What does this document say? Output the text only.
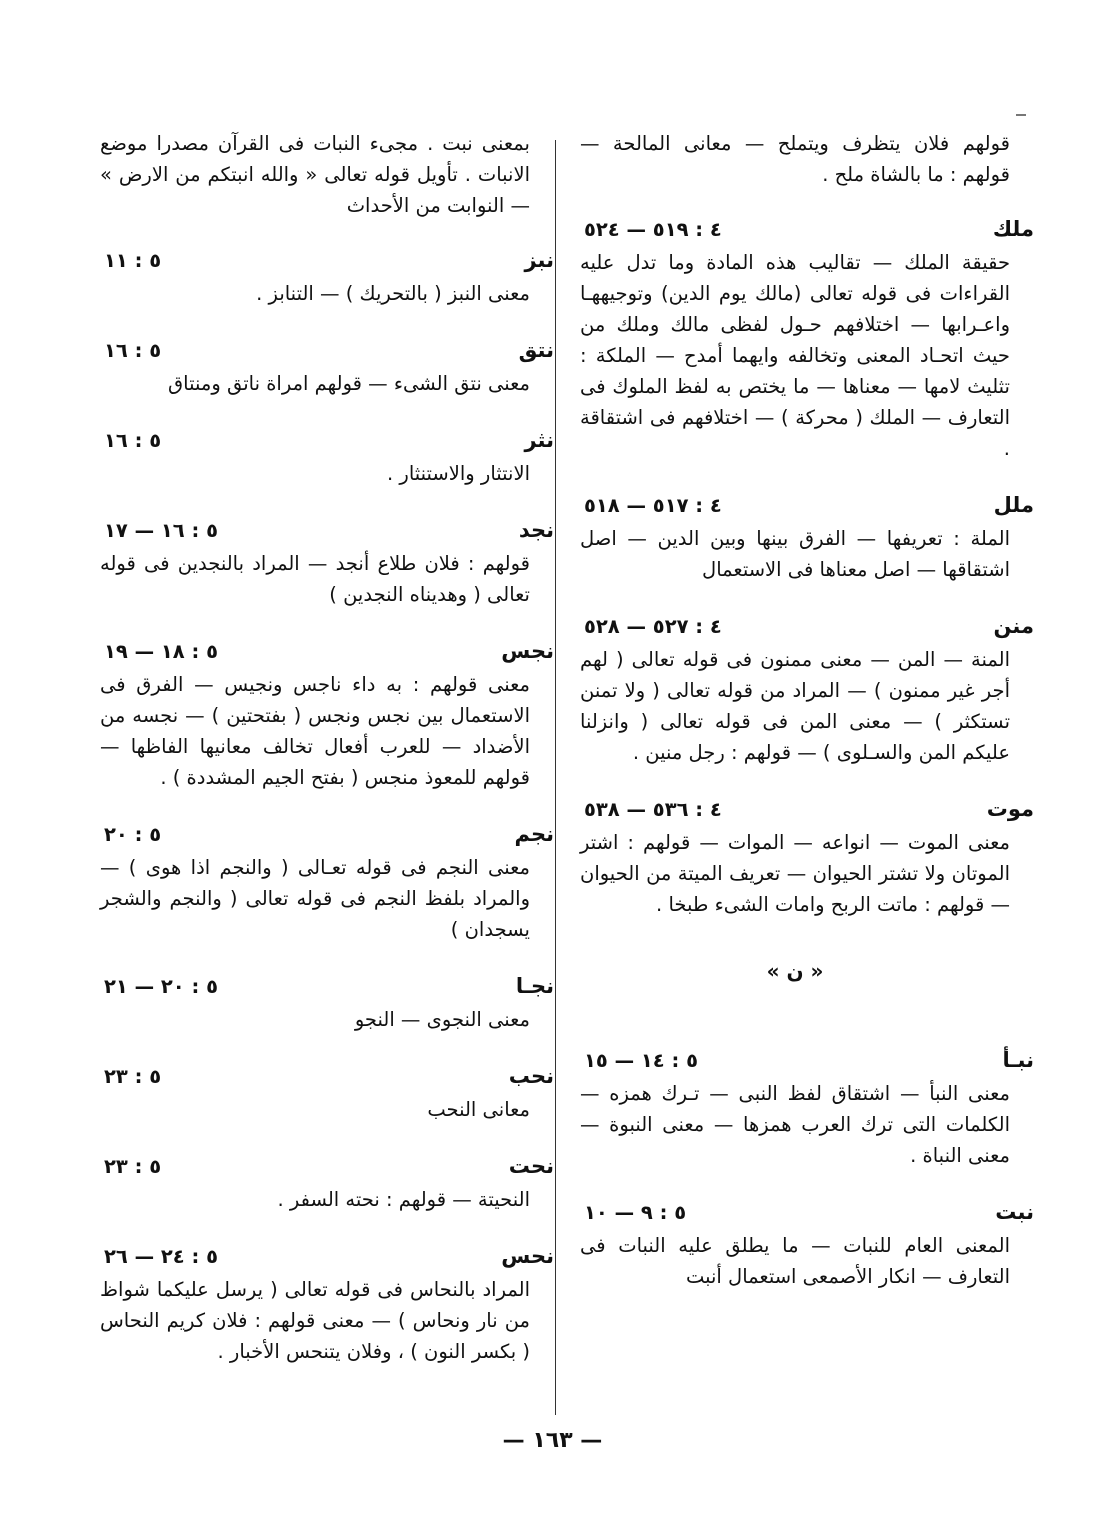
قولهم فلان يتظرف ويتملح — معانى المالحة — قولهم : ما بالشاة ملح .
ملك
٤ : ٥١٩ — ٥٢٤
حقيقة الملك — تقاليب هذه المادة وما تدل عليه القراءات فى قوله تعالى (مالك يوم الدين) وتوجيههـا واعـرابها — اختلافهم حـول لفظى مالك وملك من حيث اتحـاد المعنى وتخالفه وايهما أمدح — الملكة : تثليث لامها — معناها — ما يختص به لفظ الملوك فى التعارف — الملك ( محركة ) — اختلافهم فى اشتقاقة .
ملل
٤ : ٥١٧ — ٥١٨
الملة : تعريفها — الفرق بينها وبين الدين — اصل اشتقاقها — اصل معناها فى الاستعمال
منن
٤ : ٥٢٧ — ٥٢٨
المنة — المن — معنى ممنون فى قوله تعالى ( لهم أجر غير ممنون ) — المراد من قوله تعالى ( ولا تمنن تستكثر ) — معنى المن فى قوله تعالى ( وانزلنا عليكم المن والسـلوى ) — قولهم : رجل منين .
موت
٤ : ٥٣٦ — ٥٣٨
معنى الموت — انواعه — الموات — قولهم : اشتر الموتان ولا تشتر الحيوان — تعريف الميتة من الحيوان — قولهم : ماتت الربح وامات الشىء طبخا .
« ن »
نبـأ
٥ : ١٤ — ١٥
معنى النبأ — اشتقاق لفظ النبى — تـرك همزه — الكلمات التى ترك العرب همزها — معنى النبوة — معنى النباة .
نبت
٥ : ٩ — ١٠
المعنى العام للنبات — ما يطلق عليه النبات فى التعارف — انكار الأصمعى استعمال أنبت
بمعنى نبت . مجىء النبات فى القرآن مصدرا موضع الانبات . تأويل قوله تعالى « والله انبتكم من الارض » — النوابت من الأحداث
نبز
٥ : ١١
معنى النبز ( بالتحريك ) — التنابز .
نتق
٥ : ١٦
معنى نتق الشىء — قولهم امراة ناتق ومنتاق
نثر
٥ : ١٦
الانتثار والاستنثار .
نجد
٥ : ١٦ — ١٧
قولهم : فلان طلاع أنجد — المراد بالنجدين فى قوله تعالى ( وهديناه النجدين )
نجس
٥ : ١٨ — ١٩
معنى قولهم : به داء ناجس ونجيس — الفرق فى الاستعمال بين نجس ونجس ( بفتحتين ) — نجسه من الأضداد — للعرب أفعال تخالف معانيها الفاظها — قولهم للمعوذ منجس ( بفتح الجيم المشددة ) .
نجم
٥ : ٢٠
معنى النجم فى قوله تعـالى ( والنجم اذا هوى ) — والمراد بلفظ النجم فى قوله تعالى ( والنجم والشجر يسجدان )
نجـا
٥ : ٢٠ — ٢١
معنى النجوى — النجو
نحب
٥ : ٢٣
معانى النحب
نحت
٥ : ٢٣
النحيتة — قولهم : نحته السفر .
نحس
٥ : ٢٤ — ٢٦
المراد بالنحاس فى قوله تعالى ( يرسل عليكما شواظ من نار ونحاس ) — معنى قولهم : فلان كريم النحاس ( بكسر النون ) ، وفلان يتنحس الأخبار .
— ١٦٣ —
